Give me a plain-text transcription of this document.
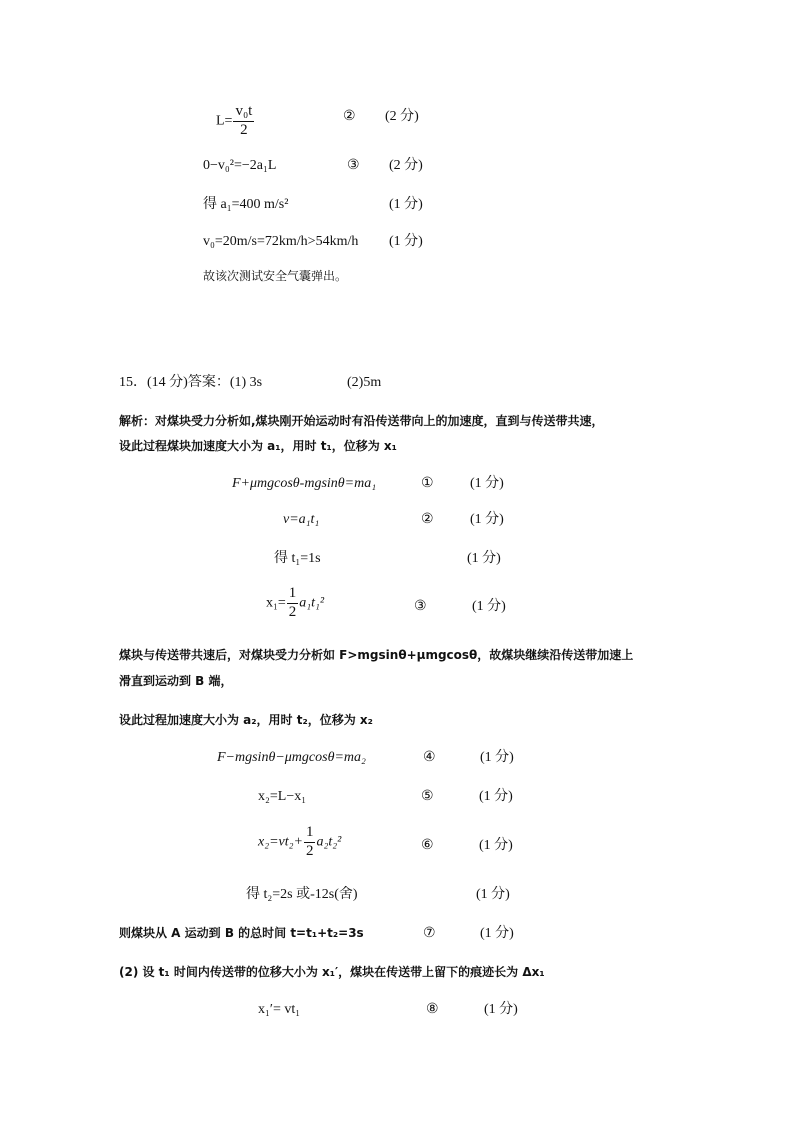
$L= \frac{\text{v₀t}}{2}$	② (2 分)
0−v₀²=−2a₁L	③ (2 分)
得 a₁=400 m/s²	(1 分)
v₀=20m/s=72km/h>54km/h (1 分)
故该次测试安全气囊弹出。
15．(14 分)答案：(1) 3s	(2)5m
解析：对煤块受力分析如,煤块刚开始运动时有沿传送带向上的加速度，直到与传送带共速，
设此过程煤块加速度大小为 a₁，用时 t₁，位移为 x₁
F+μmgcosθ-mgsinθ=ma₁	①	(1 分)
v=a₁t₁	②	(1 分)
得 t₁=1s	(1 分)
$x_1= \frac{1}{2} a_1t_1^2$	③	(1 分)
煤块与传送带共速后，对煤块受力分析如 F>mgsinθ+μmgcosθ，故煤块继续沿传送带加速上
滑直到运动到 B 端，
设此过程加速度大小为 a₂，用时 t₂，位移为 x₂
F−mgsinθ−μmgcosθ=ma₂	④	(1 分)
x₂=L−x₁	⑤	(1 分)
$x_2=vt_2+ \frac{1}{2} a_2t_2^2$	⑥	(1 分)
得 t₂=2s 或-12s(舍)	(1 分)
则煤块从 A 运动到 B 的总时间 t=t₁+t₂=3s	⑦	(1 分)
(2) 设 t₁ 时间内传送带的位移大小为 x₁′，煤块在传送带上留下的痕迹长为 Δx₁
x₁′= vt₁	⑧	(1 分)
